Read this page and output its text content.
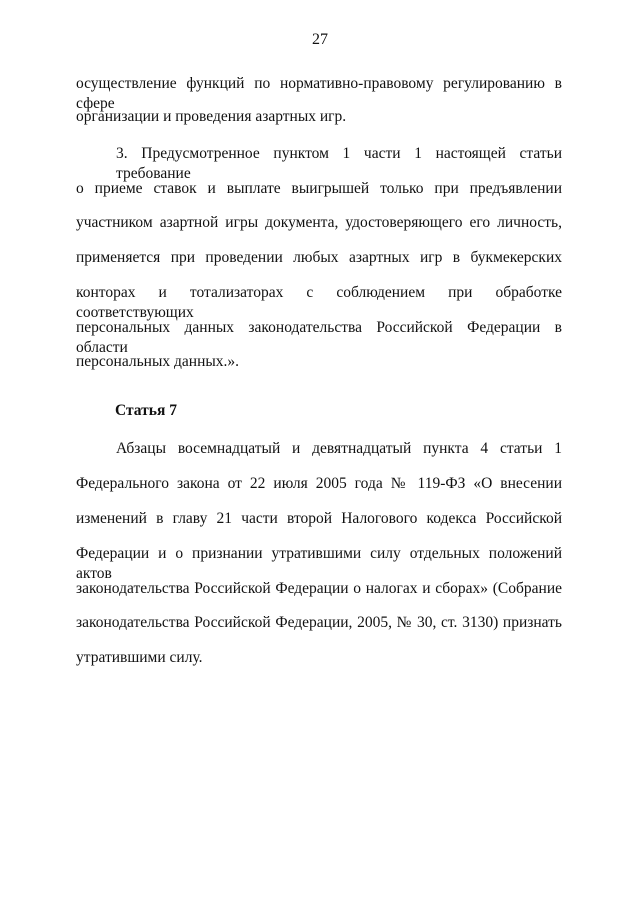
27
осуществление функций по нормативно-правовому регулированию в сфере
организации и проведения азартных игр.
3. Предусмотренное пунктом 1 части 1 настоящей статьи требование
о приеме ставок и выплате выигрышей только при предъявлении
участником азартной игры документа, удостоверяющего его личность,
применяется при проведении любых азартных игр в букмекерских
конторах и тотализаторах с соблюдением при обработке соответствующих
персональных данных законодательства Российской Федерации в области
персональных данных.».
Статья 7
Абзацы восемнадцатый и девятнадцатый пункта 4 статьи 1
Федерального закона от 22 июля 2005 года № 119-ФЗ «О внесении
изменений в главу 21 части второй Налогового кодекса Российской
Федерации и о признании утратившими силу отдельных положений актов
законодательства Российской Федерации о налогах и сборах» (Собрание
законодательства Российской Федерации, 2005, № 30, ст. 3130) признать
утратившими силу.
